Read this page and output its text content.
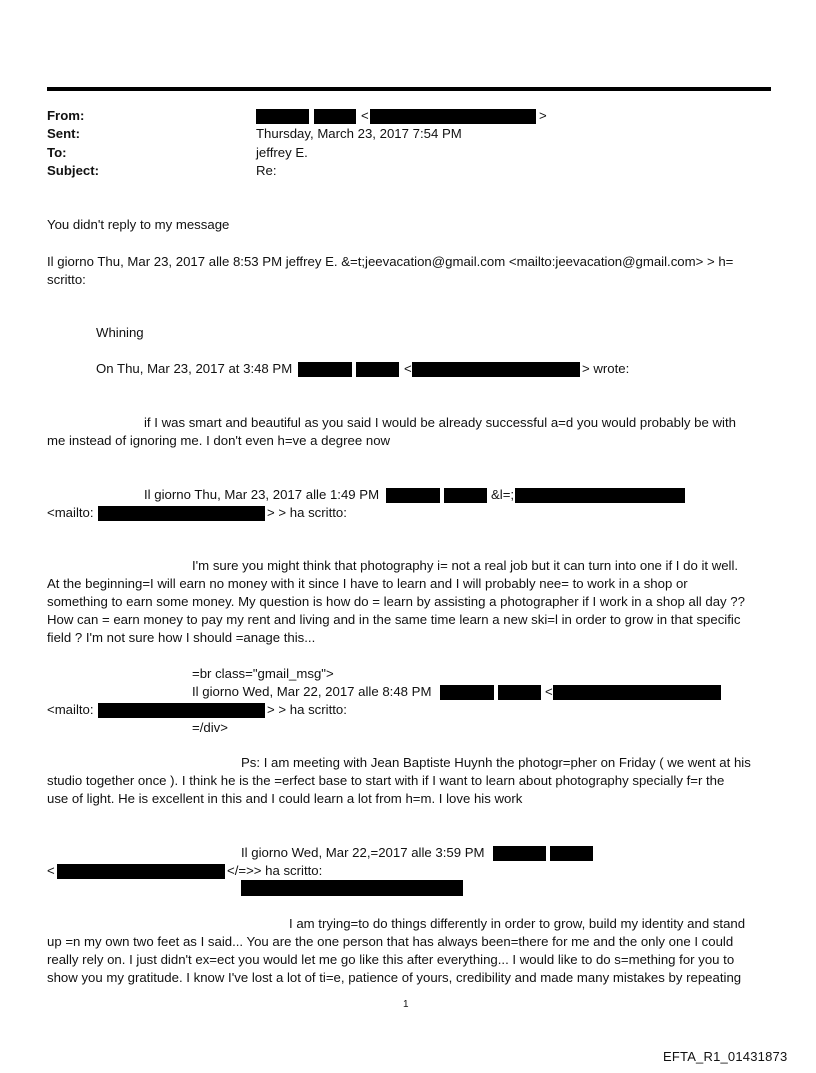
From:	<	>
Sent:	Thursday, March 23, 2017 7:54 PM
To:	jeffrey E.
Subject:	Re:
You didn't reply to my message
Il giorno Thu, Mar 23, 2017 alle 8:53 PM jeffrey E. &=t;jeevacation@gmail.com <mailto:jeevacation@gmail.com> > h=
scritto:
Whining
On Thu, Mar 23, 2017 at 3:48 PM	<	> wrote:
if I was smart and beautiful as you said I would be already successful a=d you would probably be with
me instead of ignoring me. I don't even h=ve a degree now
Il giorno Thu, Mar 23, 2017 alle 1:49 PM	&l=;
<mailto:	> > ha scritto:
I'm sure you might think that photography i= not a real job but it can turn into one if I do it well.
At the beginning=I will earn no money with it since I have to learn and I will probably nee= to work in a shop or
something to earn some money. My question is how do = learn by assisting a photographer if I work in a shop all day ??
How can = earn money to pay my rent and living and in the same time learn a new ski=l in order to grow in that specific
field ? I'm not sure how I should =anage this...
=br class="gmail_msg">
Il giorno Wed, Mar 22, 2017 alle 8:48 PM	<
<mailto:	> > ha scritto:
=/div>
Ps: I am meeting with Jean Baptiste Huynh the photogr=pher on Friday ( we went at his
studio together once ). I think he is the =erfect base to start with if I want to learn about photography specially f=r the
use of light. He is excellent in this and I could learn a lot from h=m. I love his work
Il giorno Wed, Mar 22,=2017 alle 3:59 PM
<	</=>> ha scritto:
I am trying=to do things differently in order to grow, build my identity and stand
up =n my own two feet as I said... You are the one person that has always been=there for me and the only one I could
really rely on. I just didn't ex=ect you would let me go like this after everything... I would like to do s=mething for you to
show you my gratitude. I know I've lost a lot of ti=e, patience of yours, credibility and made many mistakes by repeating
1
EFTA_R1_01431873
